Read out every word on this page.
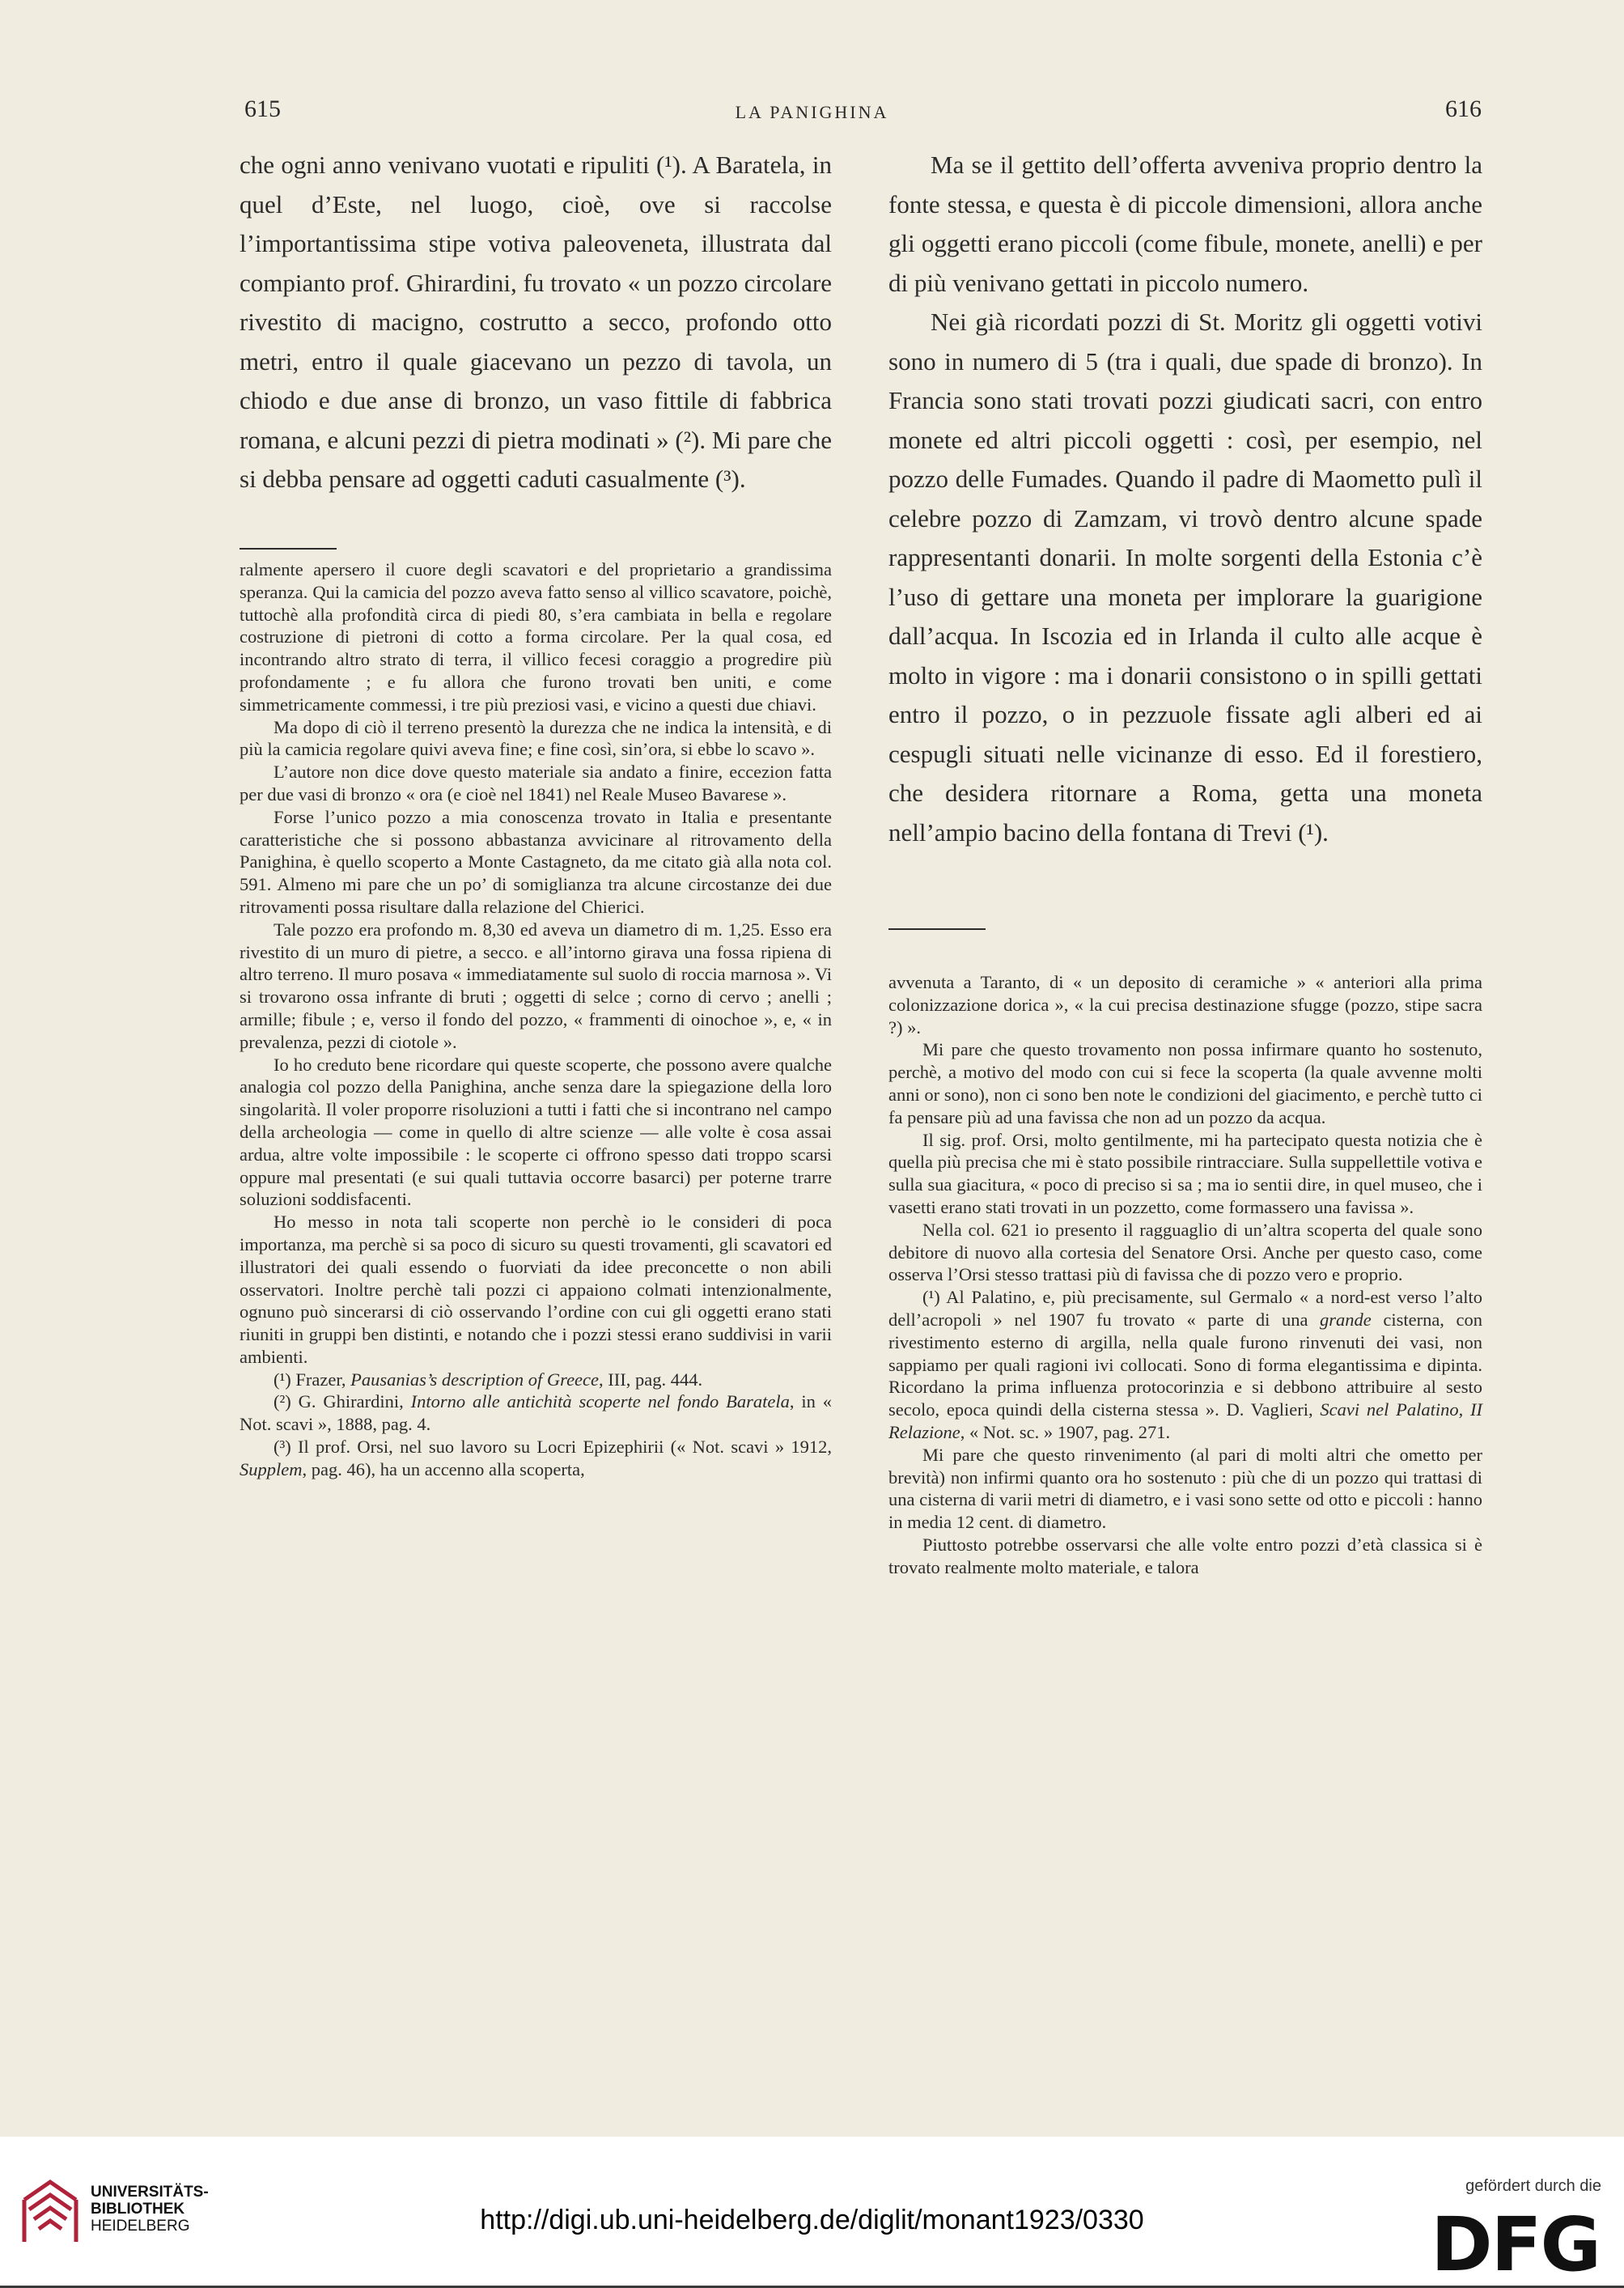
615	LA PANIGHINA	616

che ogni anno venivano vuotati e ripuliti (¹). A Baratela, in quel d’Este, nel luogo, cioè, ove si raccolse l’importantissima stipe votiva paleoveneta, illustrata dal compianto prof. Ghirardini, fu trovato « un pozzo circolare rivestito di macigno, costrutto a secco, profondo otto metri, entro il quale giacevano un pezzo di tavola, un chiodo e due anse di bronzo, un vaso fittile di fabbrica romana, e alcuni pezzi di pietra modinati » (²). Mi pare che si debba pensare ad oggetti caduti casualmente (³).

ralmente apersero il cuore degli scavatori e del proprietario a grandissima speranza. Qui la camicia del pozzo aveva fatto senso al villico scavatore, poichè, tuttochè alla profondità circa di piedi 80, s’era cambiata in bella e regolare costruzione di pietroni di cotto a forma circolare. Per la qual cosa, ed incontrando altro strato di terra, il villico fecesi coraggio a progredire più profondamente ; e fu allora che furono trovati ben uniti, e come simmetricamente commessi, i tre più preziosi vasi, e vicino a questi due chiavi.

Ma dopo di ciò il terreno presentò la durezza che ne indica la intensità, e di più la camicia regolare quivi aveva fine; e fine così, sin’ora, si ebbe lo scavo ».

L’autore non dice dove questo materiale sia andato a finire, eccezion fatta per due vasi di bronzo « ora (e cioè nel 1841) nel Reale Museo Bavarese ».

Forse l’unico pozzo a mia conoscenza trovato in Italia e presentante caratteristiche che si possono abbastanza avvicinare al ritrovamento della Panighina, è quello scoperto a Monte Castagneto, da me citato già alla nota col. 591. Almeno mi pare che un po’ di somiglianza tra alcune circostanze dei due ritrovamenti possa risultare dalla relazione del Chierici.

Tale pozzo era profondo m. 8,30 ed aveva un diametro di m. 1,25. Esso era rivestito di un muro di pietre, a secco. e all’intorno girava una fossa ripiena di altro terreno. Il muro posava « immediatamente sul suolo di roccia marnosa ». Vi si trovarono ossa infrante di bruti ; oggetti di selce ; corno di cervo ; anelli ; armille; fibule ; e, verso il fondo del pozzo, « frammenti di oinochoe », e, « in prevalenza, pezzi di ciotole ».

Io ho creduto bene ricordare qui queste scoperte, che possono avere qualche analogia col pozzo della Panighina, anche senza dare la spiegazione della loro singolarità. Il voler proporre risoluzioni a tutti i fatti che si incontrano nel campo della archeologia — come in quello di altre scienze — alle volte è cosa assai ardua, altre volte impossibile : le scoperte ci offrono spesso dati troppo scarsi oppure mal presentati (e sui quali tuttavia occorre basarci) per poterne trarre soluzioni soddisfacenti.

Ho messo in nota tali scoperte non perchè io le consideri di poca importanza, ma perchè si sa poco di sicuro su questi trovamenti, gli scavatori ed illustratori dei quali essendo o fuorviati da idee preconcette o non abili osservatori. Inoltre perchè tali pozzi ci appaiono colmati intenzionalmente, ognuno può sincerarsi di ciò osservando l’ordine con cui gli oggetti erano stati riuniti in gruppi ben distinti, e notando che i pozzi stessi erano suddivisi in varii ambienti.

(¹) Frazer, Pausanias’s description of Greece, III, pag. 444.

(²) G. Ghirardini, Intorno alle antichità scoperte nel fondo Baratela, in « Not. scavi », 1888, pag. 4.

(³) Il prof. Orsi, nel suo lavoro su Locri Epizephirii (« Not. scavi » 1912, Supplem, pag. 46), ha un accenno alla scoperta,

Ma se il gettito dell’offerta avveniva proprio dentro la fonte stessa, e questa è di piccole dimensioni, allora anche gli oggetti erano piccoli (come fibule, monete, anelli) e per di più venivano gettati in piccolo numero.

Nei già ricordati pozzi di St. Moritz gli oggetti votivi sono in numero di 5 (tra i quali, due spade di bronzo). In Francia sono stati trovati pozzi giudicati sacri, con entro monete ed altri piccoli oggetti : così, per esempio, nel pozzo delle Fumades. Quando il padre di Maometto pulì il celebre pozzo di Zamzam, vi trovò dentro alcune spade rappresentanti donarii. In molte sorgenti della Estonia c’è l’uso di gettare una moneta per implorare la guarigione dall’acqua. In Iscozia ed in Irlanda il culto alle acque è molto in vigore : ma i donarii consistono o in spilli gettati entro il pozzo, o in pezzuole fissate agli alberi ed ai cespugli situati nelle vicinanze di esso. Ed il forestiero, che desidera ritornare a Roma, getta una moneta nell’ampio bacino della fontana di Trevi (¹).

avvenuta a Taranto, di « un deposito di ceramiche » « anteriori alla prima colonizzazione dorica », « la cui precisa destinazione sfugge (pozzo, stipe sacra ?) ».

Mi pare che questo trovamento non possa infirmare quanto ho sostenuto, perchè, a motivo del modo con cui si fece la scoperta (la quale avvenne molti anni or sono), non ci sono ben note le condizioni del giacimento, e perchè tutto ci fa pensare più ad una favissa che non ad un pozzo da acqua.

Il sig. prof. Orsi, molto gentilmente, mi ha partecipato questa notizia che è quella più precisa che mi è stato possibile rintracciare. Sulla suppellettile votiva e sulla sua giacitura, « poco di preciso si sa ; ma io sentii dire, in quel museo, che i vasetti erano stati trovati in un pozzetto, come formassero una favissa ».

Nella col. 621 io presento il ragguaglio di un’altra scoperta del quale sono debitore di nuovo alla cortesia del Senatore Orsi. Anche per questo caso, come osserva l’Orsi stesso trattasi più di favissa che di pozzo vero e proprio.

(¹) Al Palatino, e, più precisamente, sul Germalo « a nord-est verso l’alto dell’acropoli » nel 1907 fu trovato « parte di una grande cisterna, con rivestimento esterno di argilla, nella quale furono rinvenuti dei vasi, non sappiamo per quali ragioni ivi collocati. Sono di forma elegantissima e dipinta. Ricordano la prima influenza protocorinzia e si debbono attribuire al sesto secolo, epoca quindi della cisterna stessa ». D. Vaglieri, Scavi nel Palatino, II Relazione, « Not. sc. » 1907, pag. 271.

Mi pare che questo rinvenimento (al pari di molti altri che ometto per brevità) non infirmi quanto ora ho sostenuto : più che di un pozzo qui trattasi di una cisterna di varii metri di diametro, e i vasi sono sette od otto e piccoli : hanno in media 12 cent. di diametro.

Piuttosto potrebbe osservarsi che alle volte entro pozzi d’età classica si è trovato realmente molto materiale, e talora

UNIVERSITÄTS-
BIBLIOTHEK
HEIDELBERG	http://digi.ub.uni-heidelberg.de/diglit/monant1923/0330
gefördert durch die
DFG
